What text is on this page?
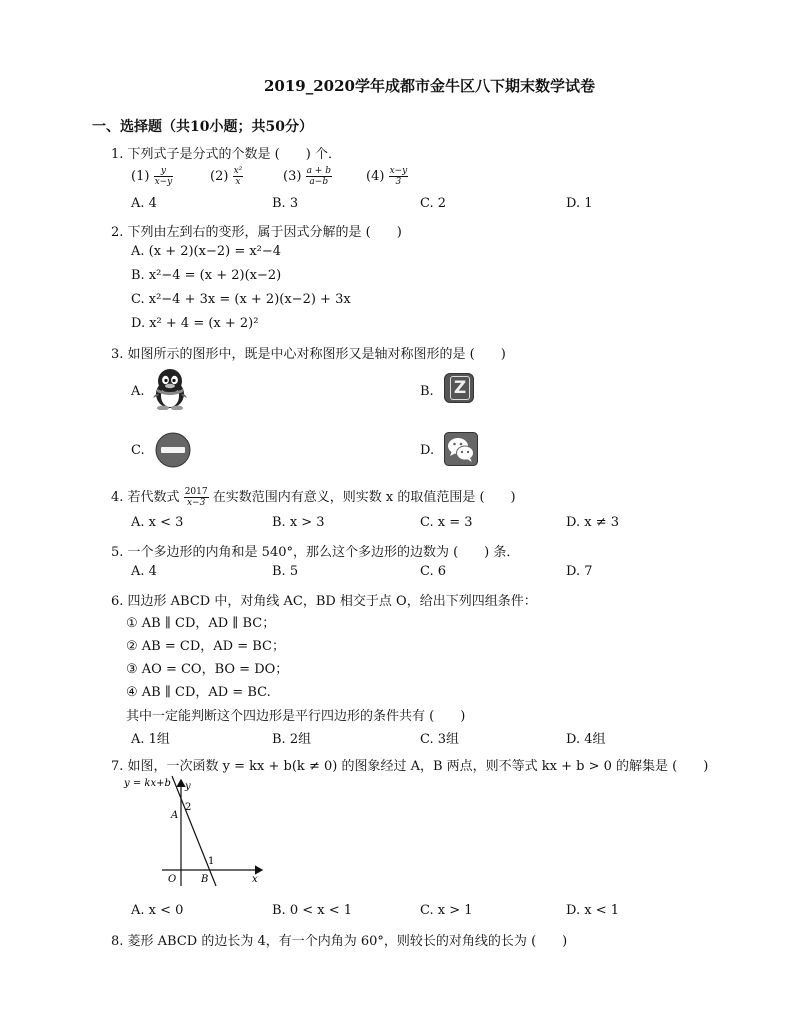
2019_2020学年成都市金牛区八下期末数学试卷
一、选择题（共10小题；共50分）
1. 下列式子是分式的个数是 (　　) 个．
$(1) \frac{y}{x-y}$	$(2) \frac{\text{x²}}{x}$	$(3) \frac{a + b}{a-b}$	$(4) \frac{x-y}{3}$
A. 4	B. 3	C. 2	D. 1
2. 下列由左到右的变形，属于因式分解的是 (　　)
A. (x + 2)(x−2) = x²−4
B. x²−4 = (x + 2)(x−2)
C. x²−4 + 3x = (x + 2)(x−2) + 3x
D. x² + 4 = (x + 2)²
3. 如图所示的图形中，既是中心对称图形又是轴对称图形的是 (　　)
A.	B. Z
C.	D.
4. 若代数式 $\frac{2017}{x-3}$ 在实数范围内有意义，则实数 x 的取值范围是 (　　)
A. x < 3	B. x > 3	C. x = 3	D. x ≠ 3
5. 一个多边形的内角和是 540°，那么这个多边形的边数为 (　　) 条．
A. 4	B. 5	C. 6	D. 7
6. 四边形 ABCD 中，对角线 AC，BD 相交于点 O，给出下列四组条件：
① AB ∥ CD，AD ∥ BC；
② AB = CD，AD = BC；
③ AO = CO，BO = DO；
④ AB ∥ CD，AD = BC.
其中一定能判断这个四边形是平行四边形的条件共有 (　　)
A. 1组	B. 2组	C. 3组	D. 4组
7. 如图，一次函数 y = kx + b(k ≠ 0) 的图象经过 A，B 两点，则不等式 kx + b > 0 的解集是 (　　)
y = kx+b y
x
A
2
1
B
O
A. x < 0	B. 0 < x < 1	C. x > 1	D. x < 1
8. 菱形 ABCD 的边长为 4，有一个内角为 60°，则较长的对角线的长为 (　　)
